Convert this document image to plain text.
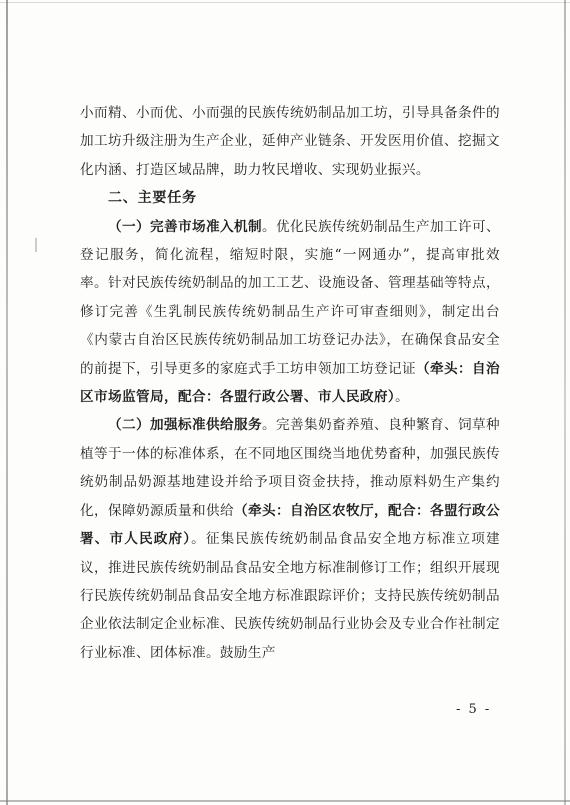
小而精、小而优、小而强的民族传统奶制品加工坊，引导具备条件的加工坊升级注册为生产企业，延伸产业链条、开发医用价值、挖掘文化内涵、打造区域品牌，助力牧民增收、实现奶业振兴。

二、主要任务

（一）完善市场准入机制。优化民族传统奶制品生产加工许可、登记服务，简化流程，缩短时限，实施“一网通办”，提高审批效率。针对民族传统奶制品的加工工艺、设施设备、管理基础等特点，修订完善《生乳制民族传统奶制品生产许可审查细则》，制定出台《内蒙古自治区民族传统奶制品加工坊登记办法》，在确保食品安全的前提下，引导更多的家庭式手工坊申领加工坊登记证（牵头：自治区市场监管局，配合：各盟行政公署、市人民政府）。

（二）加强标准供给服务。完善集奶畜养殖、良种繁育、饲草种植等于一体的标准体系，在不同地区围绕当地优势畜种，加强民族传统奶制品奶源基地建设并给予项目资金扶持，推动原料奶生产集约化，保障奶源质量和供给（牵头：自治区农牧厅，配合：各盟行政公署、市人民政府）。征集民族传统奶制品食品安全地方标准立项建议，推进民族传统奶制品食品安全地方标准制修订工作；组织开展现行民族传统奶制品食品安全地方标准跟踪评价；支持民族传统奶制品企业依法制定企业标准、民族传统奶制品行业协会及专业合作社制定行业标准、团体标准。鼓励生产

- 5 -
